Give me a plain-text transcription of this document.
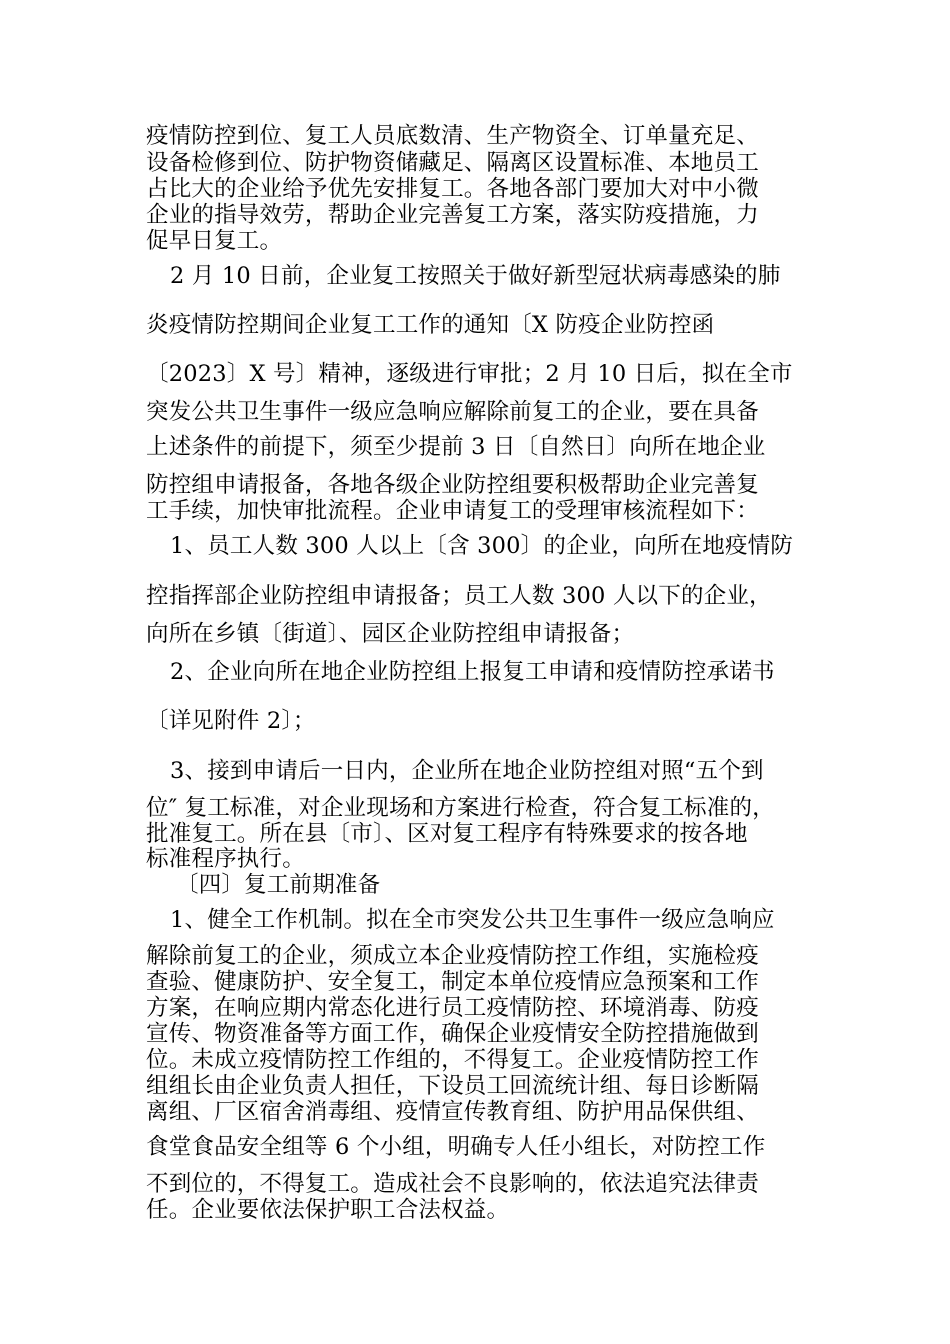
疫情防控到位、复工人员底数清、生产物资全、订单量充足、
设备检修到位、防护物资储藏足、隔离区设置标准、本地员工
占比大的企业给予优先安排复工。各地各部门要加大对中小微
企业的指导效劳，帮助企业完善复工方案，落实防疫措施，力
促早日复工。
2 月 10 日前，企业复工按照关于做好新型冠状病毒感染的肺
炎疫情防控期间企业复工工作的通知〔X 防疫企业防控函
〔2023〕X 号〕精神，逐级进行审批；2 月 10 日后，拟在全市
突发公共卫生事件一级应急响应解除前复工的企业，要在具备
上述条件的前提下，须至少提前 3 日〔自然日〕向所在地企业
防控组申请报备，各地各级企业防控组要积极帮助企业完善复
工手续，加快审批流程。企业申请复工的受理审核流程如下：
1、员工人数 300 人以上〔含 300〕的企业，向所在地疫情防
控指挥部企业防控组申请报备；员工人数 300 人以下的企业，
向所在乡镇〔街道〕、园区企业防控组申请报备；
2、企业向所在地企业防控组上报复工申请和疫情防控承诺书
〔详见附件 2〕；
3、接到申请后一日内，企业所在地企业防控组对照“五个到
位″ 复工标准，对企业现场和方案进行检查，符合复工标准的，
批准复工。所在县〔市〕、区对复工程序有特殊要求的按各地
标准程序执行。
〔四〕复工前期准备
1、健全工作机制。拟在全市突发公共卫生事件一级应急响应
解除前复工的企业，须成立本企业疫情防控工作组，实施检疫
查验、健康防护、安全复工，制定本单位疫情应急预案和工作
方案，在响应期内常态化进行员工疫情防控、环境消毒、防疫
宣传、物资准备等方面工作，确保企业疫情安全防控措施做到
位。未成立疫情防控工作组的，不得复工。企业疫情防控工作
组组长由企业负责人担任，下设员工回流统计组、每日诊断隔
离组、厂区宿舍消毒组、疫情宣传教育组、防护用品保供组、
食堂食品安全组等 6 个小组，明确专人任小组长，对防控工作
不到位的，不得复工。造成社会不良影响的，依法追究法律责
任。企业要依法保护职工合法权益。
